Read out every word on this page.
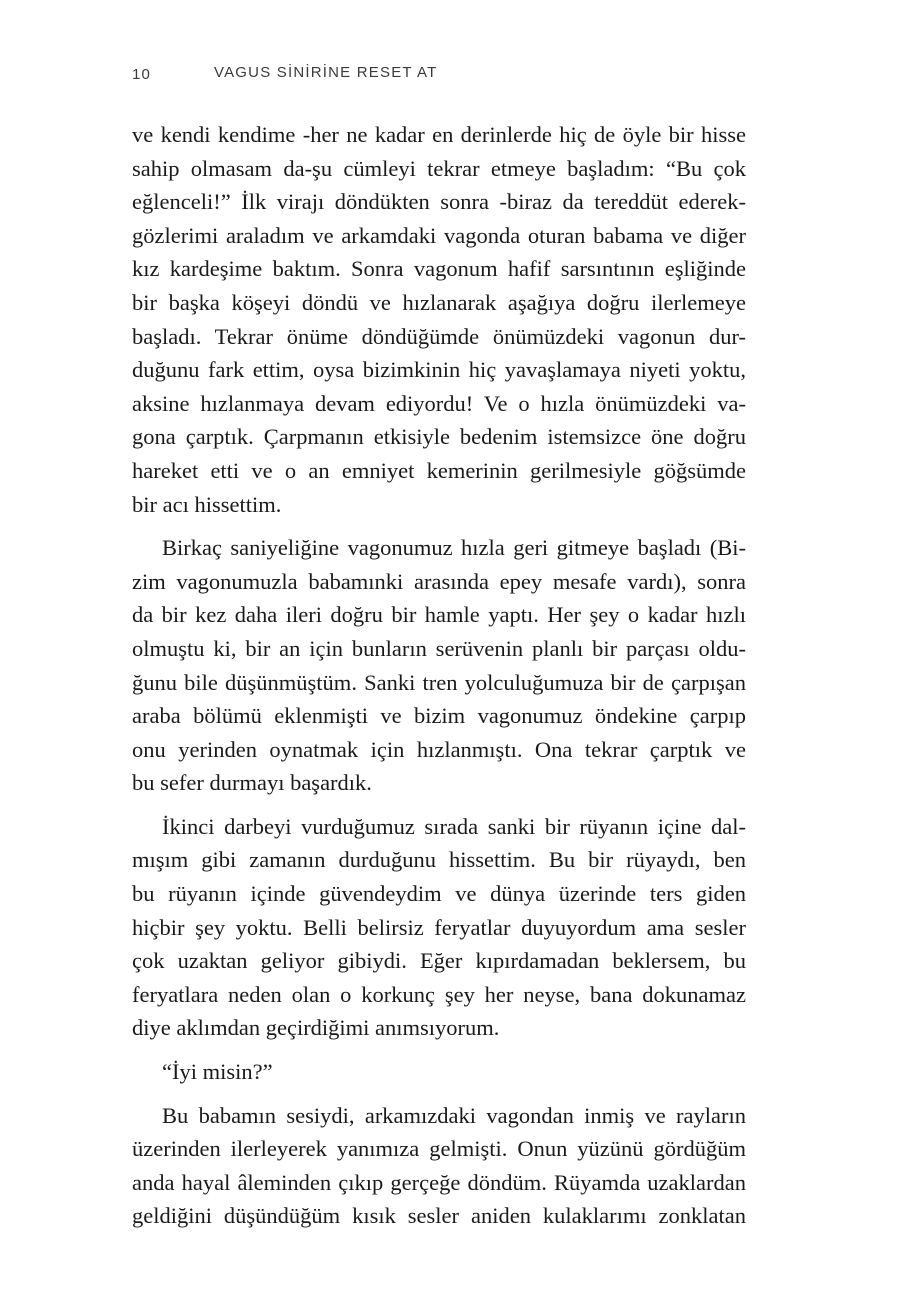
10	VAGUS SİNİRİNE RESET AT

ve kendi kendime -her ne kadar en derinlerde hiç de öyle bir hisse
sahip olmasam da-şu cümleyi tekrar etmeye başladım: “Bu çok
eğlenceli!” İlk virajı döndükten sonra -biraz da tereddüt ederek-
gözlerimi araladım ve arkamdaki vagonda oturan babama ve diğer
kız kardeşime baktım. Sonra vagonum hafif sarsıntının eşliğinde
bir başka köşeyi döndü ve hızlanarak aşağıya doğru ilerlemeye
başladı. Tekrar önüme döndüğümde önümüzdeki vagonun dur-
duğunu fark ettim, oysa bizimkinin hiç yavaşlamaya niyeti yoktu,
aksine hızlanmaya devam ediyordu! Ve o hızla önümüzdeki va-
gona çarptık. Çarpmanın etkisiyle bedenim istemsizce öne doğru
hareket etti ve o an emniyet kemerinin gerilmesiyle göğsümde
bir acı hissettim.

Birkaç saniyeliğine vagonumuz hızla geri gitmeye başladı (Bi-
zim vagonumuzla babamınki arasında epey mesafe vardı), sonra
da bir kez daha ileri doğru bir hamle yaptı. Her şey o kadar hızlı
olmuştu ki, bir an için bunların serüvenin planlı bir parçası oldu-
ğunu bile düşünmüştüm. Sanki tren yolculuğumuza bir de çarpışan
araba bölümü eklenmişti ve bizim vagonumuz öndekine çarpıp
onu yerinden oynatmak için hızlanmıştı. Ona tekrar çarptık ve
bu sefer durmayı başardık.

İkinci darbeyi vurduğumuz sırada sanki bir rüyanın içine dal-
mışım gibi zamanın durduğunu hissettim. Bu bir rüyaydı, ben
bu rüyanın içinde güvendeydim ve dünya üzerinde ters giden
hiçbir şey yoktu. Belli belirsiz feryatlar duyuyordum ama sesler
çok uzaktan geliyor gibiydi. Eğer kıpırdamadan beklersem, bu
feryatlara neden olan o korkunç şey her neyse, bana dokunamaz
diye aklımdan geçirdiğimi anımsıyorum.

“İyi misin?”

Bu babamın sesiydi, arkamızdaki vagondan inmiş ve rayların
üzerinden ilerleyerek yanımıza gelmişti. Onun yüzünü gördüğüm
anda hayal âleminden çıkıp gerçeğe döndüm. Rüyamda uzaklardan
geldiğini düşündüğüm kısık sesler aniden kulaklarımı zonklatan
